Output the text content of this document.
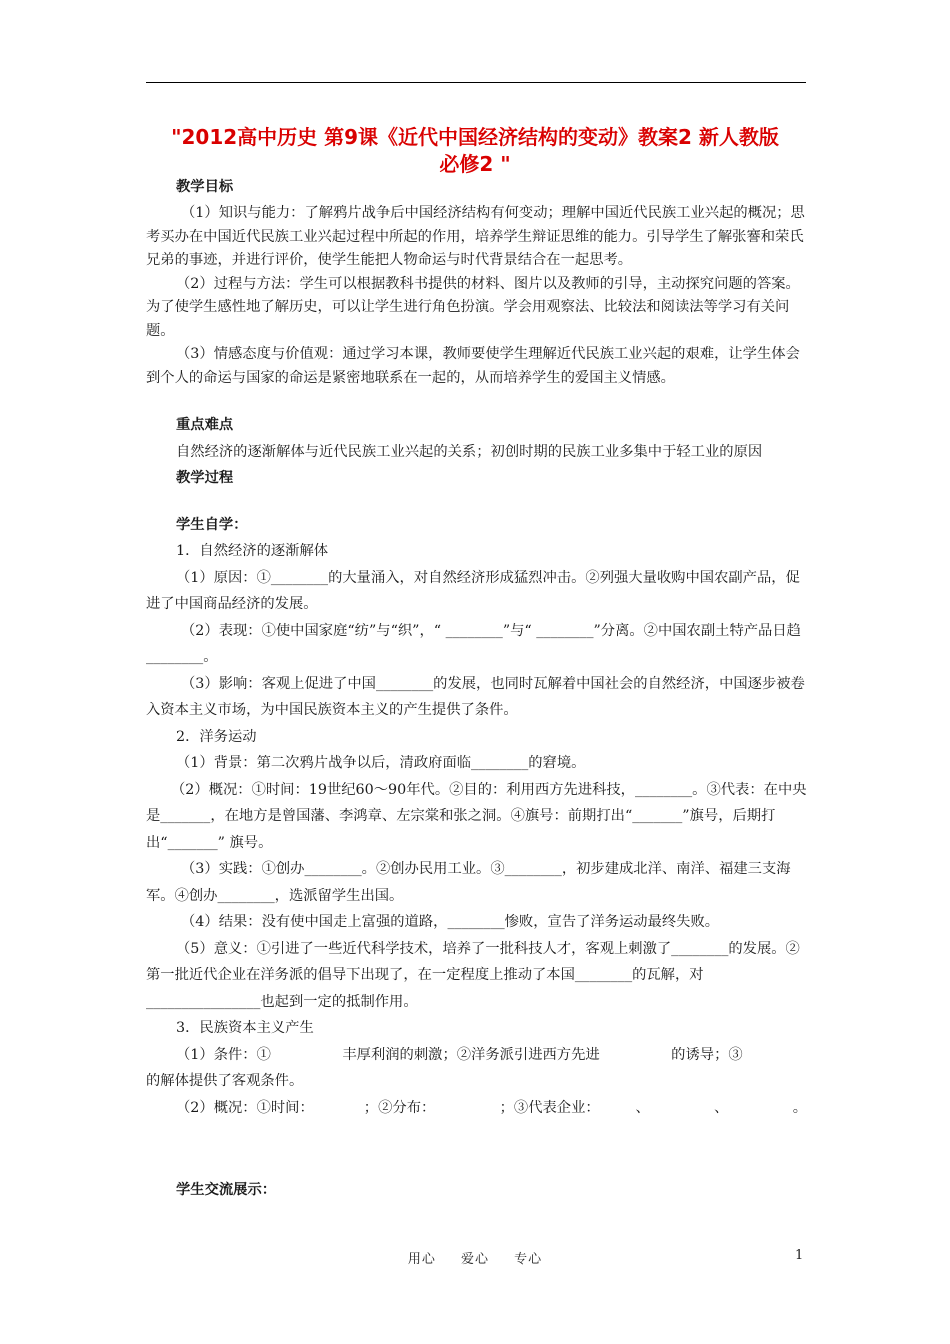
"2012高中历史 第9课《近代中国经济结构的变动》教案2 新人教版
必修2 "

教学目标

（1）知识与能力：了解鸦片战争后中国经济结构有何变动；理解中国近代民族工业兴起的概况；思考买办在中国近代民族工业兴起过程中所起的作用，培养学生辩证思维的能力。引导学生了解张謇和荣氏兄弟的事迹，并进行评价，使学生能把人物命运与时代背景结合在一起思考。

（2）过程与方法：学生可以根据教科书提供的材料、图片以及教师的引导，主动探究问题的答案。为了使学生感性地了解历史，可以让学生进行角色扮演。学会用观察法、比较法和阅读法等学习有关问题。

（3）情感态度与价值观：通过学习本课，教师要使学生理解近代民族工业兴起的艰难，让学生体会到个人的命运与国家的命运是紧密地联系在一起的，从而培养学生的爱国主义情感。

重点难点

自然经济的逐渐解体与近代民族工业兴起的关系；初创时期的民族工业多集中于轻工业的原因

教学过程

学生自学：

1．自然经济的逐渐解体

（1）原因：①________的大量涌入，对自然经济形成猛烈冲击。②列强大量收购中国农副产品，促进了中国商品经济的发展。

（2）表现：①使中国家庭“纺”与“织”，“ ________”与“ ________”分离。②中国农副土特产品日趋________。

（3）影响：客观上促进了中国________的发展，也同时瓦解着中国社会的自然经济，中国逐步被卷入资本主义市场，为中国民族资本主义的产生提供了条件。

2．洋务运动

（1）背景：第二次鸦片战争以后，清政府面临________的窘境。

（2）概况：①时间：19世纪60～90年代。②目的：利用西方先进科技，________。③代表：在中央是_______，在地方是曾国藩、李鸿章、左宗棠和张之洞。④旗号：前期打出“_______”旗号，后期打出“_______” 旗号。

（3）实践：①创办________。②创办民用工业。③________，初步建成北洋、南洋、福建三支海军。④创办________，选派留学生出国。

（4）结果：没有使中国走上富强的道路，________惨败，宣告了洋务运动最终失败。

（5）意义：①引进了一些近代科学技术，培养了一批科技人才，客观上刺激了________的发展。②第一批近代企业在洋务派的倡导下出现了，在一定程度上推动了本国________的瓦解，对________________也起到一定的抵制作用。

3．民族资本主义产生

（1）条件：①　　　　　丰厚利润的刺激；②洋务派引进西方先进　　　　　的诱导；③　　　　　　　　　　的解体提供了客观条件。

（2）概况：①时间：　　　　；②分布：　　　　　；③代表企业：　　　、　　　　　、　　　　　。

学生交流展示：

用心 爱心 专心	1
